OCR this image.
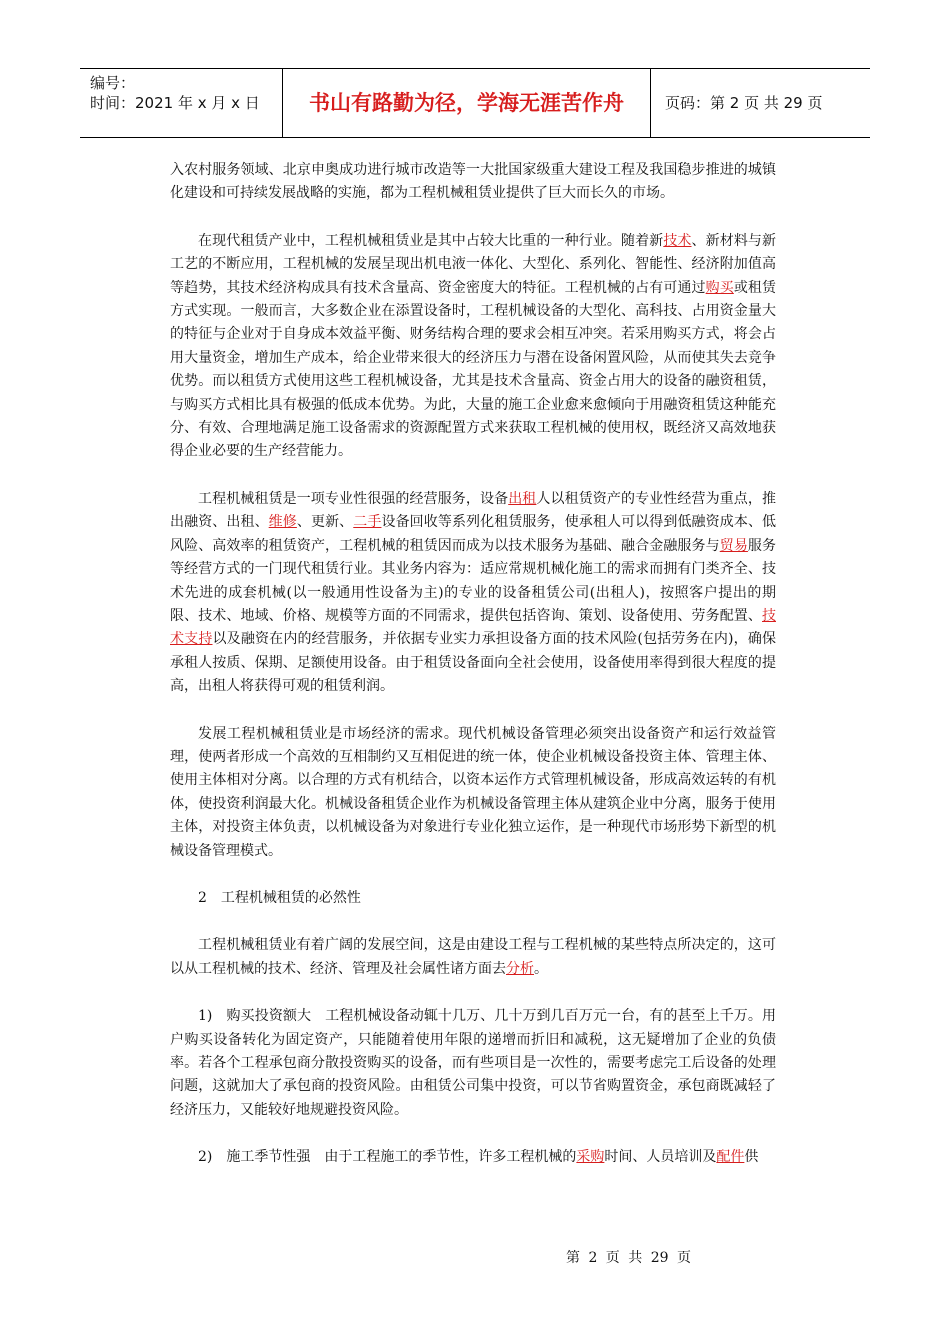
编号：
时间：2021 年 x 月 x 日	书山有路勤为径，学海无涯苦作舟	页码：第 2 页 共 29 页

入农村服务领域、北京申奥成功进行城市改造等一大批国家级重大建设工程及我国稳步推进的城镇化建设和可持续发展战略的实施，都为工程机械租赁业提供了巨大而长久的市场。

在现代租赁产业中，工程机械租赁业是其中占较大比重的一种行业。随着新技术、新材料与新工艺的不断应用，工程机械的发展呈现出机电液一体化、大型化、系列化、智能性、经济附加值高等趋势，其技术经济构成具有技术含量高、资金密度大的特征。工程机械的占有可通过购买或租赁方式实现。一般而言，大多数企业在添置设备时，工程机械设备的大型化、高科技、占用资金量大的特征与企业对于自身成本效益平衡、财务结构合理的要求会相互冲突。若采用购买方式，将会占用大量资金，增加生产成本，给企业带来很大的经济压力与潜在设备闲置风险，从而使其失去竞争优势。而以租赁方式使用这些工程机械设备，尤其是技术含量高、资金占用大的设备的融资租赁，与购买方式相比具有极强的低成本优势。为此，大量的施工企业愈来愈倾向于用融资租赁这种能充分、有效、合理地满足施工设备需求的资源配置方式来获取工程机械的使用权，既经济又高效地获得企业必要的生产经营能力。

工程机械租赁是一项专业性很强的经营服务，设备出租人以租赁资产的专业性经营为重点，推出融资、出租、维修、更新、二手设备回收等系列化租赁服务，使承租人可以得到低融资成本、低风险、高效率的租赁资产，工程机械的租赁因而成为以技术服务为基础、融合金融服务与贸易服务等经营方式的一门现代租赁行业。其业务内容为：适应常规机械化施工的需求而拥有门类齐全、技术先进的成套机械(以一般通用性设备为主)的专业的设备租赁公司(出租人)，按照客户提出的期限、技术、地域、价格、规模等方面的不同需求，提供包括咨询、策划、设备使用、劳务配置、技术支持以及融资在内的经营服务，并依据专业实力承担设备方面的技术风险(包括劳务在内)，确保承租人按质、保期、足额使用设备。由于租赁设备面向全社会使用，设备使用率得到很大程度的提高，出租人将获得可观的租赁利润。

发展工程机械租赁业是市场经济的需求。现代机械设备管理必须突出设备资产和运行效益管理，使两者形成一个高效的互相制约又互相促进的统一体，使企业机械设备投资主体、管理主体、使用主体相对分离。以合理的方式有机结合，以资本运作方式管理机械设备，形成高效运转的有机体，使投资利润最大化。机械设备租赁企业作为机械设备管理主体从建筑企业中分离，服务于使用主体，对投资主体负责，以机械设备为对象进行专业化独立运作，是一种现代市场形势下新型的机械设备管理模式。

2　工程机械租赁的必然性

工程机械租赁业有着广阔的发展空间，这是由建设工程与工程机械的某些特点所决定的，这可以从工程机械的技术、经济、管理及社会属性诸方面去分析。

1)　购买投资额大　工程机械设备动辄十几万、几十万到几百万元一台，有的甚至上千万。用户购买设备转化为固定资产，只能随着使用年限的递增而折旧和减税，这无疑增加了企业的负债率。若各个工程承包商分散投资购买的设备，而有些项目是一次性的，需要考虑完工后设备的处理问题，这就加大了承包商的投资风险。由租赁公司集中投资，可以节省购置资金，承包商既减轻了经济压力，又能较好地规避投资风险。

2)　施工季节性强　由于工程施工的季节性，许多工程机械的采购时间、人员培训及配件供

第 2 页 共 29 页
